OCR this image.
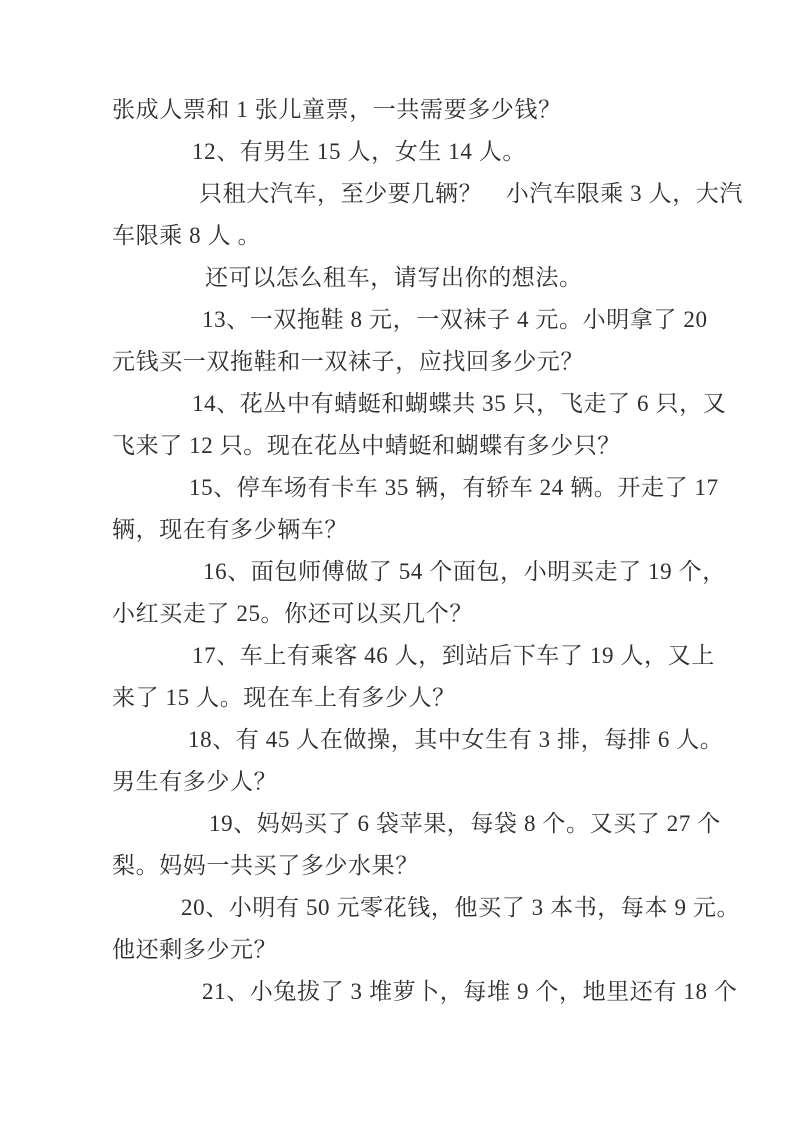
张成人票和 1 张儿童票，一共需要多少钱？
12、有男生 15 人，女生 14 人。
只租大汽车，至少要几辆？　小汽车限乘 3 人，大汽
车限乘 8 人 。
还可以怎么租车，请写出你的想法。
13、一双拖鞋 8 元，一双袜子 4 元。小明拿了 20
元钱买一双拖鞋和一双袜子，应找回多少元？
14、花丛中有蜻蜓和蝴蝶共 35 只，飞走了 6 只，又
飞来了 12 只。现在花丛中蜻蜓和蝴蝶有多少只？
15、停车场有卡车 35 辆，有轿车 24 辆。开走了 17
辆，现在有多少辆车？
16、面包师傅做了 54 个面包，小明买走了 19 个，
小红买走了 25。你还可以买几个？
17、车上有乘客 46 人，到站后下车了 19 人，又上
来了 15 人。现在车上有多少人？
18、有 45 人在做操，其中女生有 3 排，每排 6 人。
男生有多少人？
19、妈妈买了 6 袋苹果，每袋 8 个。又买了 27 个
梨。妈妈一共买了多少水果？
20、小明有 50 元零花钱，他买了 3 本书，每本 9 元。
他还剩多少元？
21、小兔拔了 3 堆萝卜，每堆 9 个，地里还有 18 个
